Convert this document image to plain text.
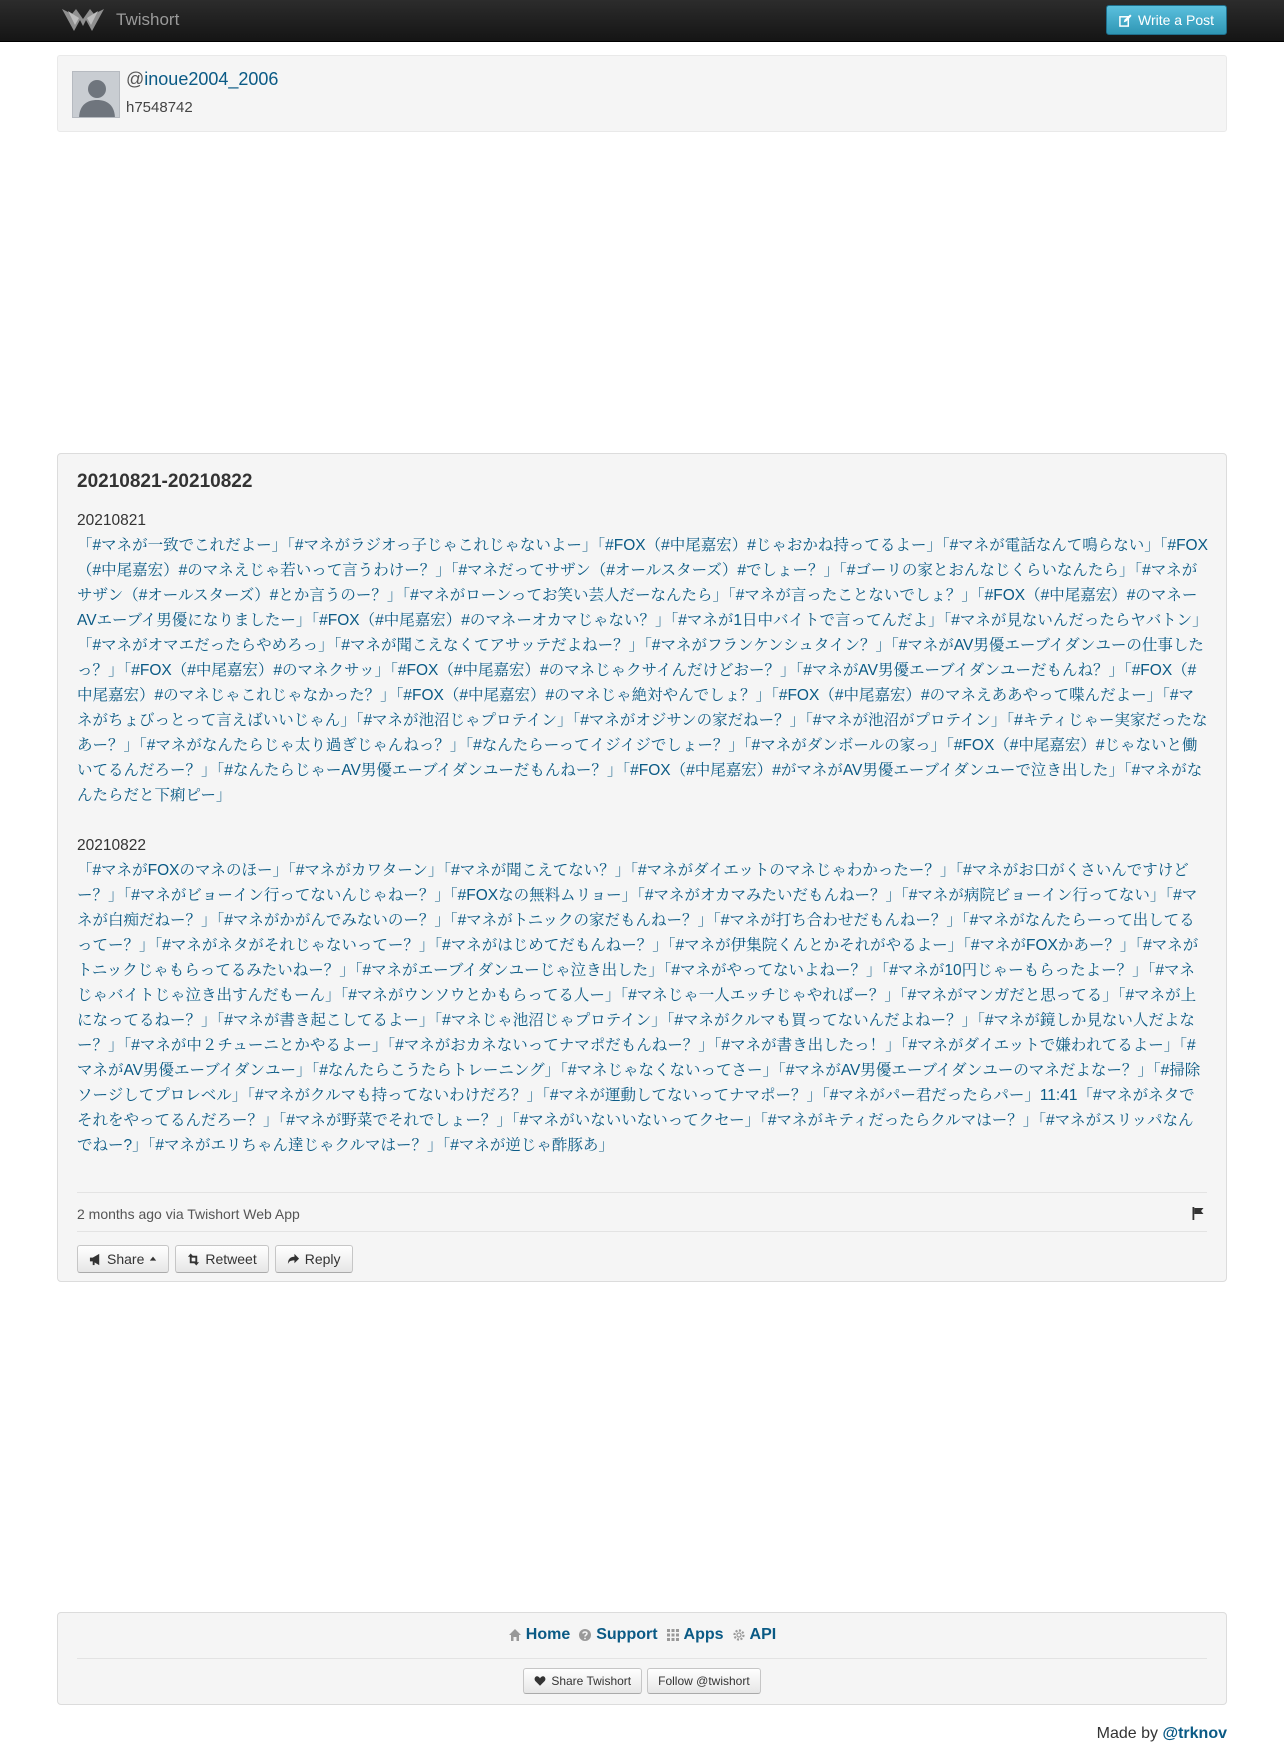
Twishort	Write a Post
@inoue2004_2006
h7548742
20210821-20210822
20210821
「#マネが一致でこれだよー」「#マネがラジオっ子じゃこれじゃないよー」「#FOX（#中尾嘉宏）#じゃおかね持ってるよー」「#マネが電話なんて鳴らない」「#FOX（#中尾嘉宏）#のマネえじゃ若いって言うわけー？」「#マネだってサザン（#オールスターズ）#でしょー？」「#ゴーリの家とおんなじくらいなんたら」「#マネがサザン（#オールスターズ）#とか言うのー？」「#マネがローンってお笑い芸人だーなんたら」「#マネが言ったことないでしょ？」「#FOX（#中尾嘉宏）#のマネーAVエーブイ男優になりましたー」「#FOX（#中尾嘉宏）#のマネーオカマじゃない？」「#マネが1日中バイトで言ってんだよ」「#マネが見ないんだったらヤバトン」「#マネがオマエだったらやめろっ」「#マネが聞こえなくてアサッテだよねー？」「#マネがフランケンシュタイン？」「#マネがAV男優エーブイダンユーの仕事したっ？」「#FOX（#中尾嘉宏）#のマネクサッ」「#FOX（#中尾嘉宏）#のマネじゃクサイんだけどおー？」「#マネがAV男優エーブイダンユーだもんね？」「#FOX（#中尾嘉宏）#のマネじゃこれじゃなかった？」「#FOX（#中尾嘉宏）#のマネじゃ絶対やんでしょ？」「#FOX（#中尾嘉宏）#のマネえああやって喋んだよー」「#マネがちょびっとって言えばいいじゃん」「#マネが池沼じゃプロテイン」「#マネがオジサンの家だねー？」「#マネが池沼がプロテイン」「#キティじゃー実家だったなあー？」「#マネがなんたらじゃ太り過ぎじゃんねっ？」「#なんたらーってイジイジでしょー？」「#マネがダンボールの家っ」「#FOX（#中尾嘉宏）#じゃないと働いてるんだろー？」「#なんたらじゃーAV男優エーブイダンユーだもんねー？」「#FOX（#中尾嘉宏）#がマネがAV男優エーブイダンユーで泣き出した」「#マネがなんたらだと下痢ピー」
20210822
「#マネがFOXのマネのほー」「#マネがカワターン」「#マネが聞こえてない？」「#マネがダイエットのマネじゃわかったー？」「#マネがお口がくさいんですけどー？」「#マネがビョーイン行ってないんじゃねー？」「#FOXなの無料ムリョー」「#マネがオカマみたいだもんねー？」「#マネが病院ビョーイン行ってない」「#マネが白痴だねー？」「#マネがかがんでみないのー？」「#マネがトニックの家だもんねー？」「#マネが打ち合わせだもんねー？」「#マネがなんたらーって出してるってー？」「#マネがネタがそれじゃないってー？」「#マネがはじめてだもんねー？」「#マネが伊集院くんとかそれがやるよー」「#マネがFOXかあー？」「#マネがトニックじゃもらってるみたいねー？」「#マネがエーブイダンユーじゃ泣き出した」「#マネがやってないよねー？」「#マネが10円じゃーもらったよー？」「#マネじゃバイトじゃ泣き出すんだもーん」「#マネがウンソウとかもらってる人ー」「#マネじゃ一人エッチじゃやればー？」「#マネがマンガだと思ってる」「#マネが上になってるねー？」「#マネが書き起こしてるよー」「#マネじゃ池沼じゃプロテイン」「#マネがクルマも買ってないんだよねー？」「#マネが鏡しか見ない人だよなー？」「#マネが中２チューニとかやるよー」「#マネがおカネないってナマポだもんねー？」「#マネが書き出したっ！」「#マネがダイエットで嫌われてるよー」「#マネがAV男優エーブイダンユー」「#なんたらこうたらトレーニング」「#マネじゃなくないってさー」「#マネがAV男優エーブイダンユーのマネだよなー？」「#掃除ソージしてプロレベル」「#マネがクルマも持ってないわけだろ？」「#マネが運動してないってナマポー？」「#マネがパー君だったらパー」11:41「#マネがネタでそれをやってるんだろー？」「#マネが野菜でそれでしょー？」「#マネがいないいないってクセー」「#マネがキティだったらクルマはー？」「#マネがスリッパなんでねー?」「#マネがエリちゃん達じゃクルマはー？」「#マネが逆じゃ酢豚あ」
2 months ago via Twishort Web App
Share	Retweet	Reply
Home Support Apps API
Share Twishort Follow @twishort
Made by @trknov
